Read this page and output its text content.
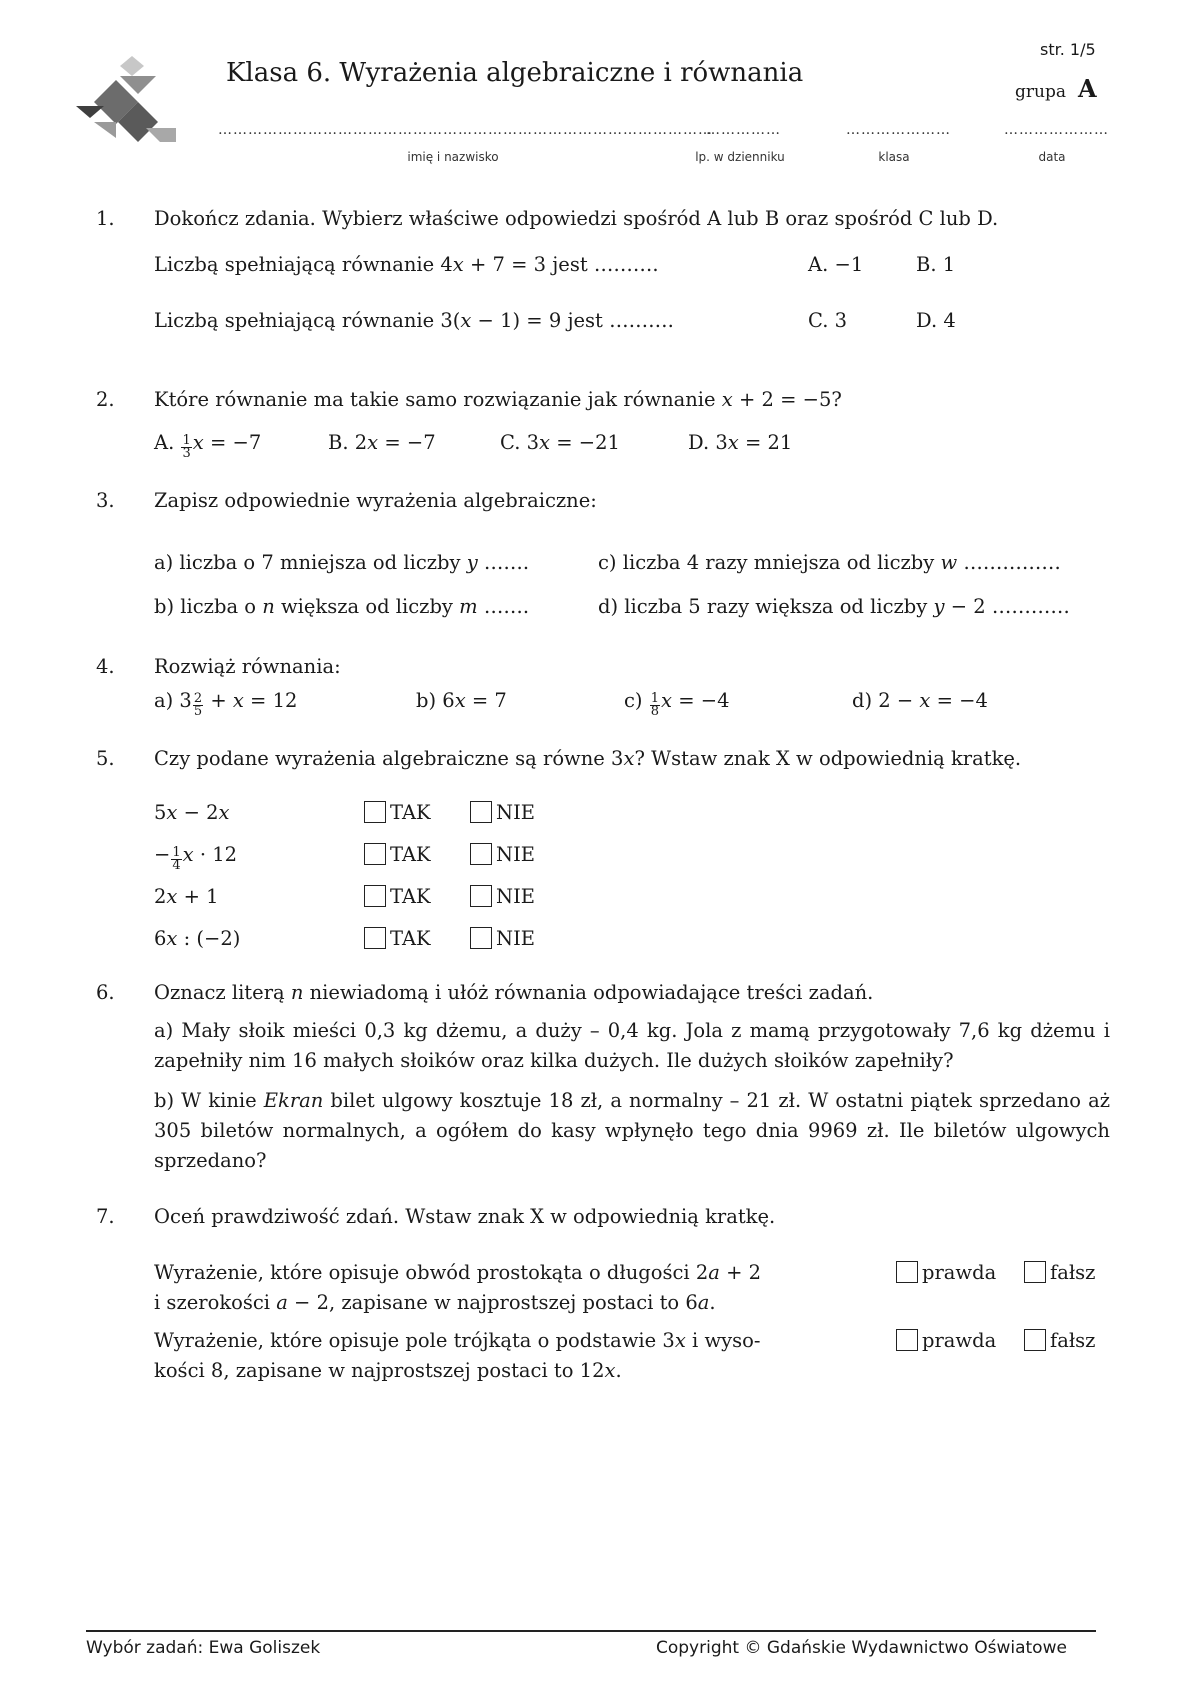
Klasa 6. Wyrażenia algebraiczne i równania
str. 1/5
grupa A
………………………………………………………………………………………
……………	…………………	…………………
imię i nazwisko	lp. w dzienniku	klasa	data
1. Dokończ zdania. Wybierz właściwe odpowiedzi spośród A lub B oraz spośród C lub D.
Liczbą spełniającą równanie 4𝑥 + 7 = 3 jest ……….	A. −1	B. 1
Liczbą spełniającą równanie 3(𝑥 − 1) = 9 jest ……….	C. 3	D. 4
2. Które równanie ma takie samo rozwiązanie jak równanie 𝑥 + 2 = −5?
A. $\frac{1}{3}$ 𝑥 = −7	B. 2𝑥 = −7	C. 3𝑥 = −21	D. 3𝑥 = 21
3. Zapisz odpowiednie wyrażenia algebraiczne:
a) liczba o 7 mniejsza od liczby 𝑦 …….	c) liczba 4 razy mniejsza od liczby 𝑤 ……………
b) liczba o 𝑛 większa od liczby 𝑚 …….	d) liczba 5 razy większa od liczby 𝑦 − 2 …………
4. Rozwiąż równania:
a) $3 \frac{2}{5}$ + 𝑥 = 12	b) 6𝑥 = 7	$c) \frac{1}{8}$ 𝑥 = −4	d) 2 − 𝑥 = −4
5. Czy podane wyrażenia algebraiczne są równe 3𝑥? Wstaw znak X w odpowiednią kratkę.
5𝑥 − 2𝑥	TAK	NIE
− $\frac{1}{4}$ 𝑥 · 12	TAK	NIE
2𝑥 + 1	TAK	NIE
6𝑥 : (−2)	TAK	NIE
6. Oznacz literą 𝑛 niewiadomą i ułóż równania odpowiadające treści zadań.
a) Mały słoik mieści 0,3 kg dżemu, a duży – 0,4 kg. Jola z mamą przygotowały 7,6 kg dżemu i zapełniły nim 16 małych słoików oraz kilka dużych. Ile dużych słoików zapełniły?
b) W kinie Ekran bilet ulgowy kosztuje 18 zł, a normalny – 21 zł. W ostatni piątek sprzedano aż 305 biletów normalnych, a ogółem do kasy wpłynęło tego dnia 9969 zł. Ile biletów ulgowych sprzedano?
7. Oceń prawdziwość zdań. Wstaw znak X w odpowiednią kratkę.
Wyrażenie, które opisuje obwód prostokąta o długości 2𝑎 + 2
i szerokości 𝑎 − 2, zapisane w najprostszej postaci to 6𝑎.
prawda	fałsz
Wyrażenie, które opisuje pole trójkąta o podstawie 3𝑥 i wyso-
kości 8, zapisane w najprostszej postaci to 12𝑥.
prawda	fałsz
Wybór zadań: Ewa Goliszek	Copyright © Gdańskie Wydawnictwo Oświatowe
